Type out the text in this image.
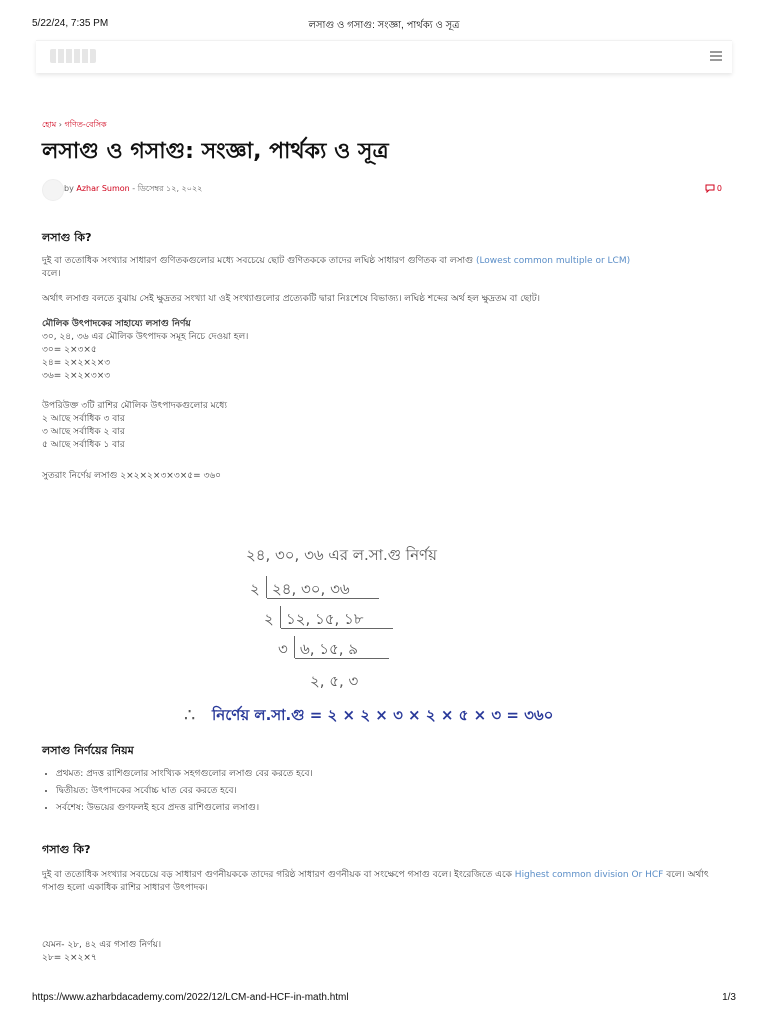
5/22/24, 7:35 PM	লসাগু ও গসাগু: সংজ্ঞা, পার্থক্য ও সূত্র

হোম › গণিত-বেসিক

লসাগু ও গসাগু: সংজ্ঞা, পার্থক্য ও সূত্র
by Azhar Sumon - ডিসেম্বর ১২, ২০২২	0
লসাগু কি?

দুই বা ততোধিক সংখ্যার সাধারণ গুণিতকগুলোর মধ্যে সবচেয়ে ছোট গুণিতককে তাদের লঘিষ্ঠ সাধারণ গুণিতক বা লসাগু (Lowest common multiple or LCM)
বলে।

অর্থাৎ লসাগু বলতে বুঝায় সেই ক্ষুদ্রতর সংখ্যা যা ওই সংখ্যাগুলোর প্রত্যেকটি দ্বারা নিঃশেষে বিভাজ্য। লঘিষ্ঠ শব্দের অর্থ হল ক্ষুদ্রতম বা ছোট।

মৌলিক উৎপাদকের সাহায্যে লসাগু নির্ণয়

৩০, ২৪, ৩৬ এর মৌলিক উৎপাদক সমূহ নিচে দেওয়া হল।
৩০= ২×৩×৫
২৪= ২×২×২×৩
৩৬= ২×২×৩×৩

উপরিউক্ত ৩টি রাশির মৌলিক উৎপাদকগুলোর মধ্যে
২ আছে সর্বাধিক ৩ বার
৩ আছে সর্বাধিক ২ বার
৫ আছে সর্বাধিক ১ বার

সুতরাং নির্ণেয় লসাগু ২×২×২×৩×৩×৫= ৩৬০

২৪, ৩০, ৩৬ এর ল.সা.গু নির্ণয়
২ ২৪, ৩০, ৩৬
২ ১২, ১৫, ১৮
৩ ৬, ১৫, ৯
২, ৫, ৩
∴ নির্ণেয় ল.সা.গু = ২ × ২ × ৩ × ২ × ৫ × ৩ = ৩৬০
লসাগু নির্ণয়ের নিয়ম
• প্রথমত: প্রদত্ত রাশিগুলোর সাংখ্যিক সহগগুলোর লসাগু বের করতে হবে।
• দ্বিতীয়ত: উৎপাদকের সর্বোচ্চ ঘাত বের করতে হবে।
• সর্বশেষ: উভয়ের গুণফলই হবে প্রদত্ত রাশিগুলোর লসাগু।
গসাগু কি?

দুই বা ততোধিক সংখ্যার সবচেয়ে বড় সাধারণ গুণনীয়ককে তাদের গরিষ্ঠ সাধারণ গুণনীয়ক বা সংক্ষেপে গসাগু বলে। ইংরেজিতে একে Highest common division Or HCF বলে। অর্থাৎ গসাগু হলো একাধিক রাশির সাধারণ উৎপাদক।

যেমন- ২৮, ৪২ এর গসাগু নির্ণয়।
২৮= ২×২×৭

https://www.azharbdacademy.com/2022/12/LCM-and-HCF-in-math.html	1/3
